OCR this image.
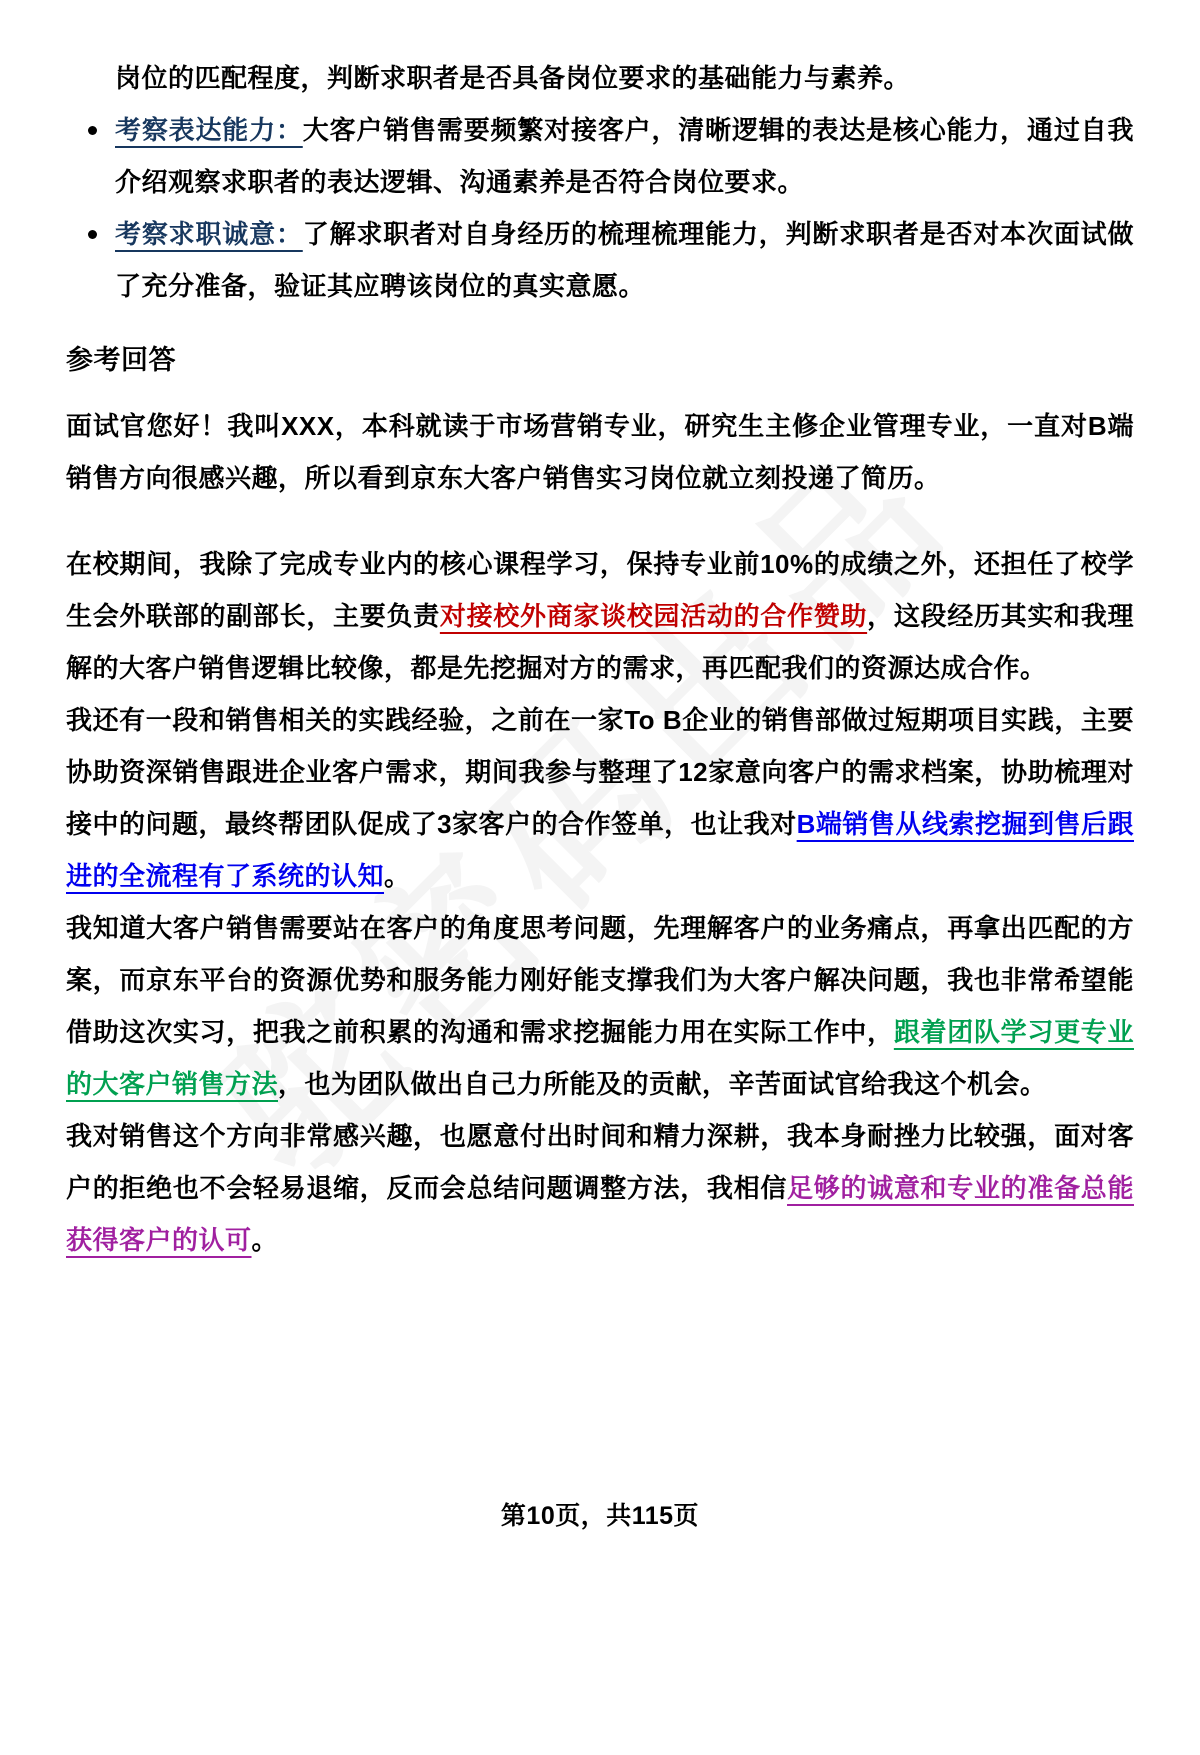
岗位的匹配程度，判断求职者是否具备岗位要求的基础能力与素养。

考察表达能力：大客户销售需要频繁对接客户，清晰逻辑的表达是核心能力，通过自我介绍观察求职者的表达逻辑、沟通素养是否符合岗位要求。
考察求职诚意：了解求职者对自身经历的梳理梳理能力，判断求职者是否对本次面试做了充分准备，验证其应聘该岗位的真实意愿。
参考回答

面试官您好！我叫XXX，本科就读于市场营销专业，研究生主修企业管理专业，一直对B端销售方向很感兴趣，所以看到京东大客户销售实习岗位就立刻投递了简历。

在校期间，我除了完成专业内的核心课程学习，保持专业前10%的成绩之外，还担任了校学生会外联部的副部长，主要负责对接校外商家谈校园活动的合作赞助，这段经历其实和我理解的大客户销售逻辑比较像，都是先挖掘对方的需求，再匹配我们的资源达成合作。

我还有一段和销售相关的实践经验，之前在一家To B企业的销售部做过短期项目实践，主要协助资深销售跟进企业客户需求，期间我参与整理了12家意向客户的需求档案，协助梳理对接中的问题，最终帮团队促成了3家客户的合作签单，也让我对B端销售从线索挖掘到售后跟进的全流程有了系统的认知。

我知道大客户销售需要站在客户的角度思考问题，先理解客户的业务痛点，再拿出匹配的方案，而京东平台的资源优势和服务能力刚好能支撑我们为大客户解决问题，我也非常希望能借助这次实习，把我之前积累的沟通和需求挖掘能力用在实际工作中，跟着团队学习更专业的大客户销售方法，也为团队做出自己力所能及的贡献，辛苦面试官给我这个机会。

我对销售这个方向非常感兴趣，也愿意付出时间和精力深耕，我本身耐挫力比较强，面对客户的拒绝也不会轻易退缩，反而会总结问题调整方法，我相信足够的诚意和专业的准备总能获得客户的认可。

第10页，共115页
